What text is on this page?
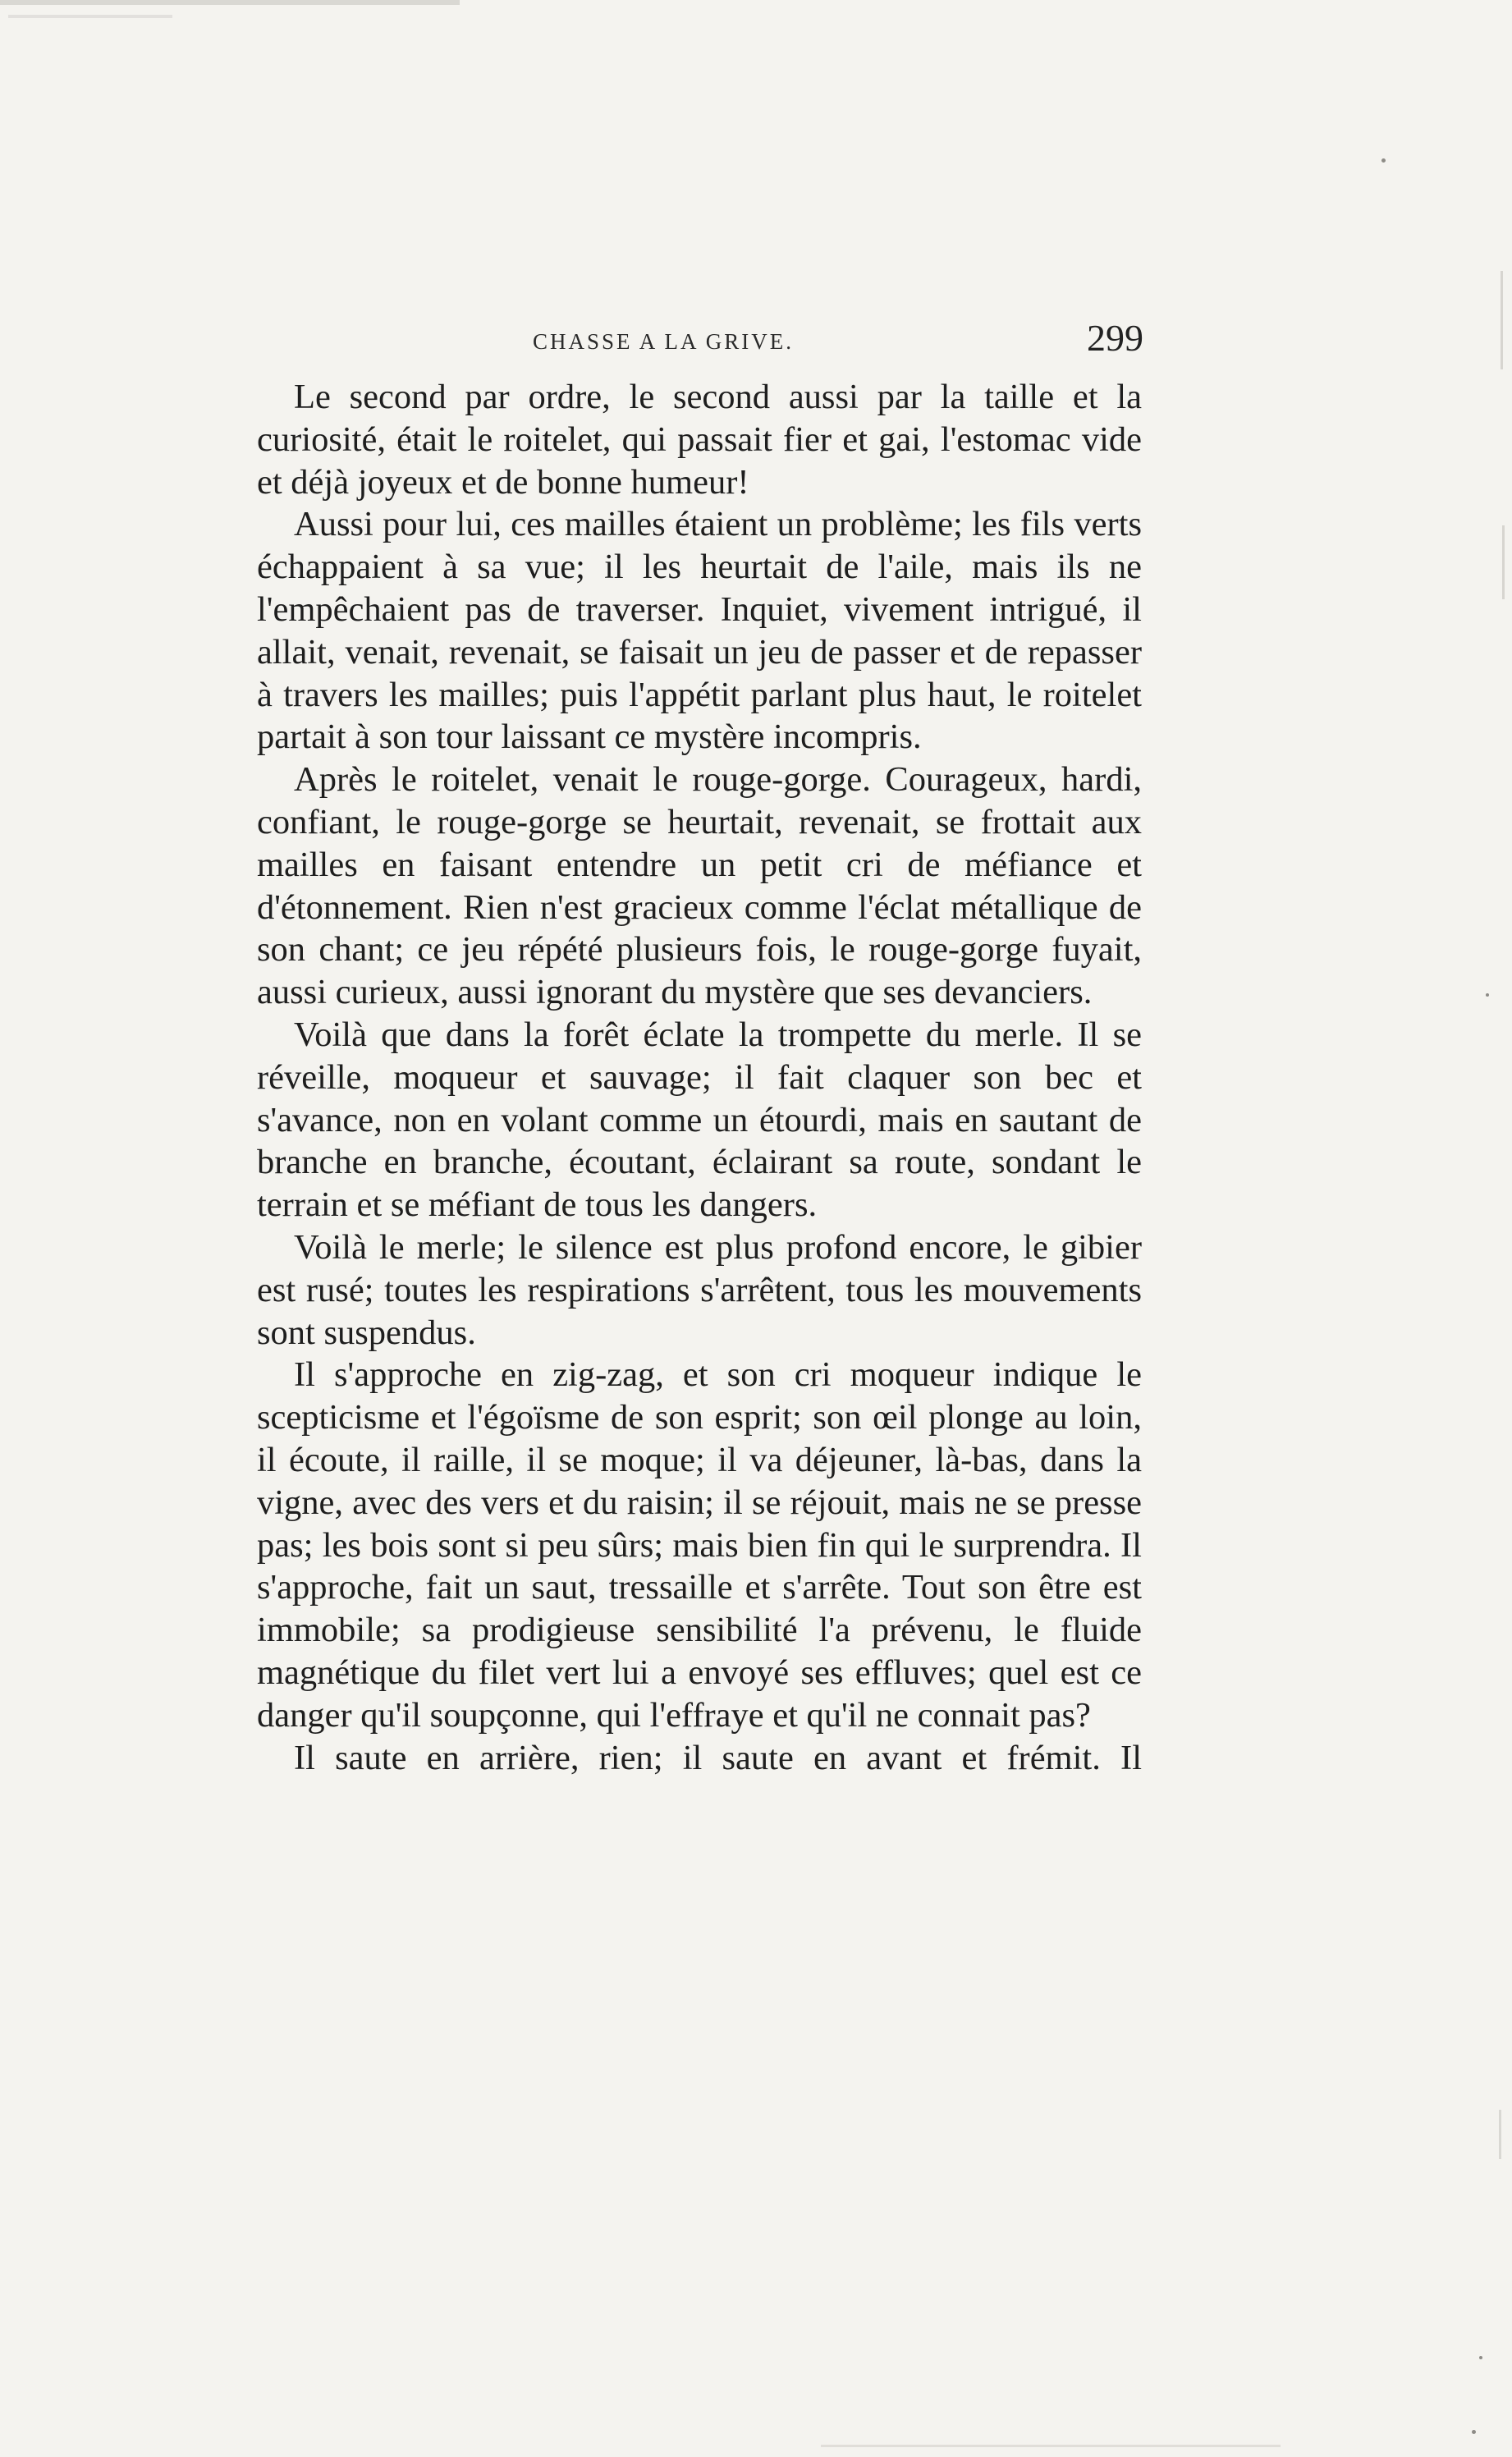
CHASSE A LA GRIVE.	299

Le second par ordre, le second aussi par la taille et la curiosité, était le roitelet, qui passait fier et gai, l'estomac vide et déjà joyeux et de bonne humeur!

Aussi pour lui, ces mailles étaient un problème; les fils verts échappaient à sa vue; il les heurtait de l'aile, mais ils ne l'empêchaient pas de traverser. Inquiet, vivement intrigué, il allait, venait, revenait, se faisait un jeu de passer et de repasser à travers les mailles; puis l'appétit parlant plus haut, le roitelet partait à son tour laissant ce mystère incompris.

Après le roitelet, venait le rouge-gorge. Courageux, hardi, confiant, le rouge-gorge se heurtait, revenait, se frottait aux mailles en faisant entendre un petit cri de méfiance et d'étonnement. Rien n'est gracieux comme l'éclat métallique de son chant; ce jeu répété plusieurs fois, le rouge-gorge fuyait, aussi curieux, aussi ignorant du mystère que ses devanciers.

Voilà que dans la forêt éclate la trompette du merle. Il se réveille, moqueur et sauvage; il fait claquer son bec et s'avance, non en volant comme un étourdi, mais en sautant de branche en branche, écoutant, éclairant sa route, sondant le terrain et se méfiant de tous les dangers.

Voilà le merle; le silence est plus profond encore, le gibier est rusé; toutes les respirations s'arrêtent, tous les mouvements sont suspendus.

Il s'approche en zig-zag, et son cri moqueur indique le scepticisme et l'égoïsme de son esprit; son œil plonge au loin, il écoute, il raille, il se moque; il va déjeuner, là-bas, dans la vigne, avec des vers et du raisin; il se réjouit, mais ne se presse pas; les bois sont si peu sûrs; mais bien fin qui le surprendra. Il s'approche, fait un saut, tressaille et s'arrête. Tout son être est immobile; sa prodigieuse sensibilité l'a prévenu, le fluide magnétique du filet vert lui a envoyé ses effluves; quel est ce danger qu'il soupçonne, qui l'effraye et qu'il ne connait pas?

Il saute en arrière, rien; il saute en avant et frémit. Il
